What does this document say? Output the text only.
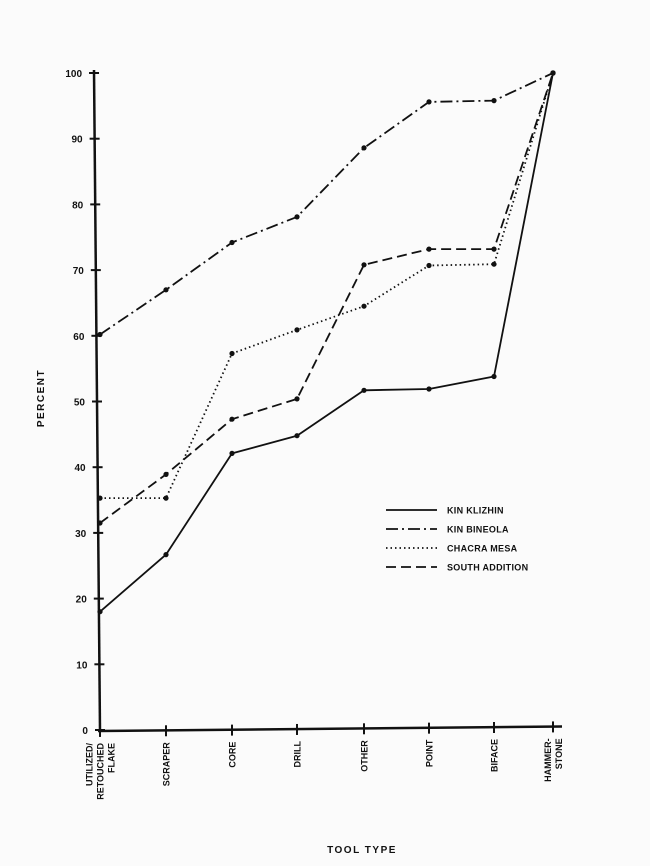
0
10
20
30
40
50
60
70
80
90
100
UTILIZED/ RETOUCHED FLAKE	SCRAPER	CORE	DRILL	OTHER	POINT	BIFACE	HAMMER- STONE
PERCENT
TOOL TYPE
KIN KLIZHIN
KIN BINEOLA
CHACRA MESA
SOUTH ADDITION
